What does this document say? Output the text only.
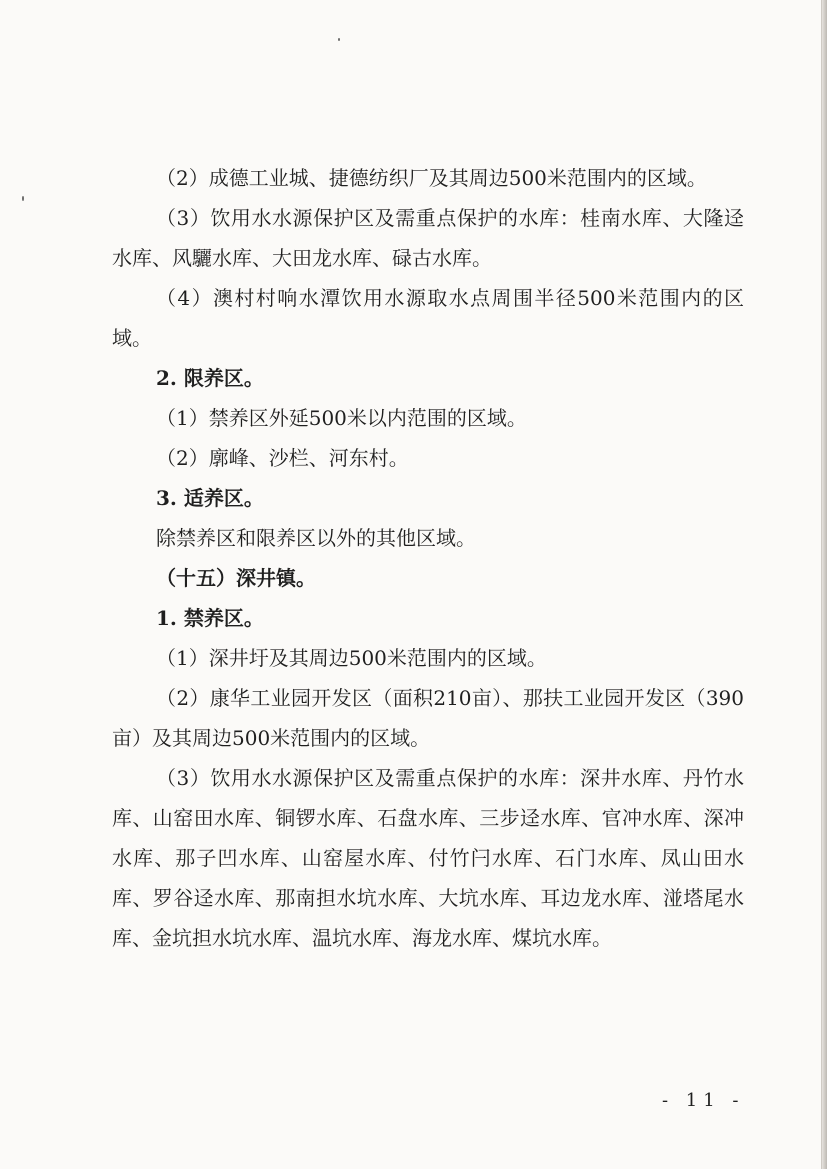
（2）成德工业城、捷德纺织厂及其周边500米范围内的区域。

（3）饮用水水源保护区及需重点保护的水库：桂南水库、大隆迳水库、风驪水库、大田龙水库、碌古水库。

（4）澳村村响水潭饮用水源取水点周围半径500米范围内的区域。

2. 限养区。

（1）禁养区外延500米以内范围的区域。

（2）廓峰、沙栏、河东村。

3. 适养区。

除禁养区和限养区以外的其他区域。

（十五）深井镇。

1. 禁养区。

（1）深井圩及其周边500米范围内的区域。

（2）康华工业园开发区（面积210亩）、那扶工业园开发区（390亩）及其周边500米范围内的区域。

（3）饮用水水源保护区及需重点保护的水库：深井水库、丹竹水库、山窑田水库、铜锣水库、石盘水库、三步迳水库、官冲水库、深冲水库、那子凹水库、山窑屋水库、付竹闩水库、石门水库、凤山田水库、罗谷迳水库、那南担水坑水库、大坑水库、耳边龙水库、湴塔尾水库、金坑担水坑水库、温坑水库、海龙水库、煤坑水库。

- 11 -
